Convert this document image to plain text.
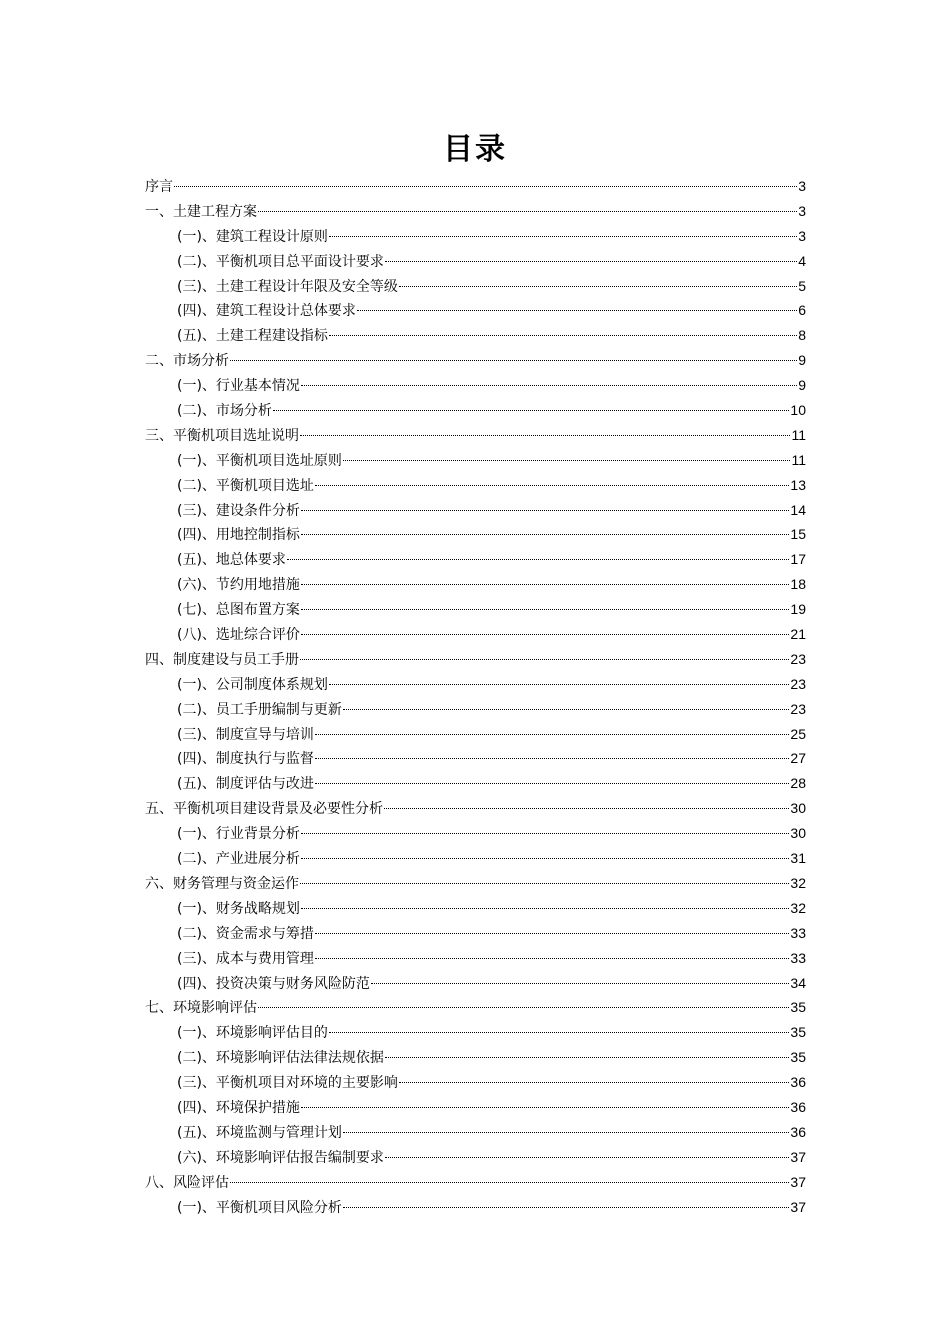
目录
序言	3
一、土建工程方案	3
(一)、建筑工程设计原则	3
(二)、平衡机项目总平面设计要求	4
(三)、土建工程设计年限及安全等级	5
(四)、建筑工程设计总体要求	6
(五)、土建工程建设指标	8
二、市场分析	9
(一)、行业基本情况	9
(二)、市场分析	10
三、平衡机项目选址说明	11
(一)、平衡机项目选址原则	11
(二)、平衡机项目选址	13
(三)、建设条件分析	14
(四)、用地控制指标	15
(五)、地总体要求	17
(六)、节约用地措施	18
(七)、总图布置方案	19
(八)、选址综合评价	21
四、制度建设与员工手册	23
(一)、公司制度体系规划	23
(二)、员工手册编制与更新	23
(三)、制度宣导与培训	25
(四)、制度执行与监督	27
(五)、制度评估与改进	28
五、平衡机项目建设背景及必要性分析	30
(一)、行业背景分析	30
(二)、产业进展分析	31
六、财务管理与资金运作	32
(一)、财务战略规划	32
(二)、资金需求与筹措	33
(三)、成本与费用管理	33
(四)、投资决策与财务风险防范	34
七、环境影响评估	35
(一)、环境影响评估目的	35
(二)、环境影响评估法律法规依据	35
(三)、平衡机项目对环境的主要影响	36
(四)、环境保护措施	36
(五)、环境监测与管理计划	36
(六)、环境影响评估报告编制要求	37
八、风险评估	37
(一)、平衡机项目风险分析	37
